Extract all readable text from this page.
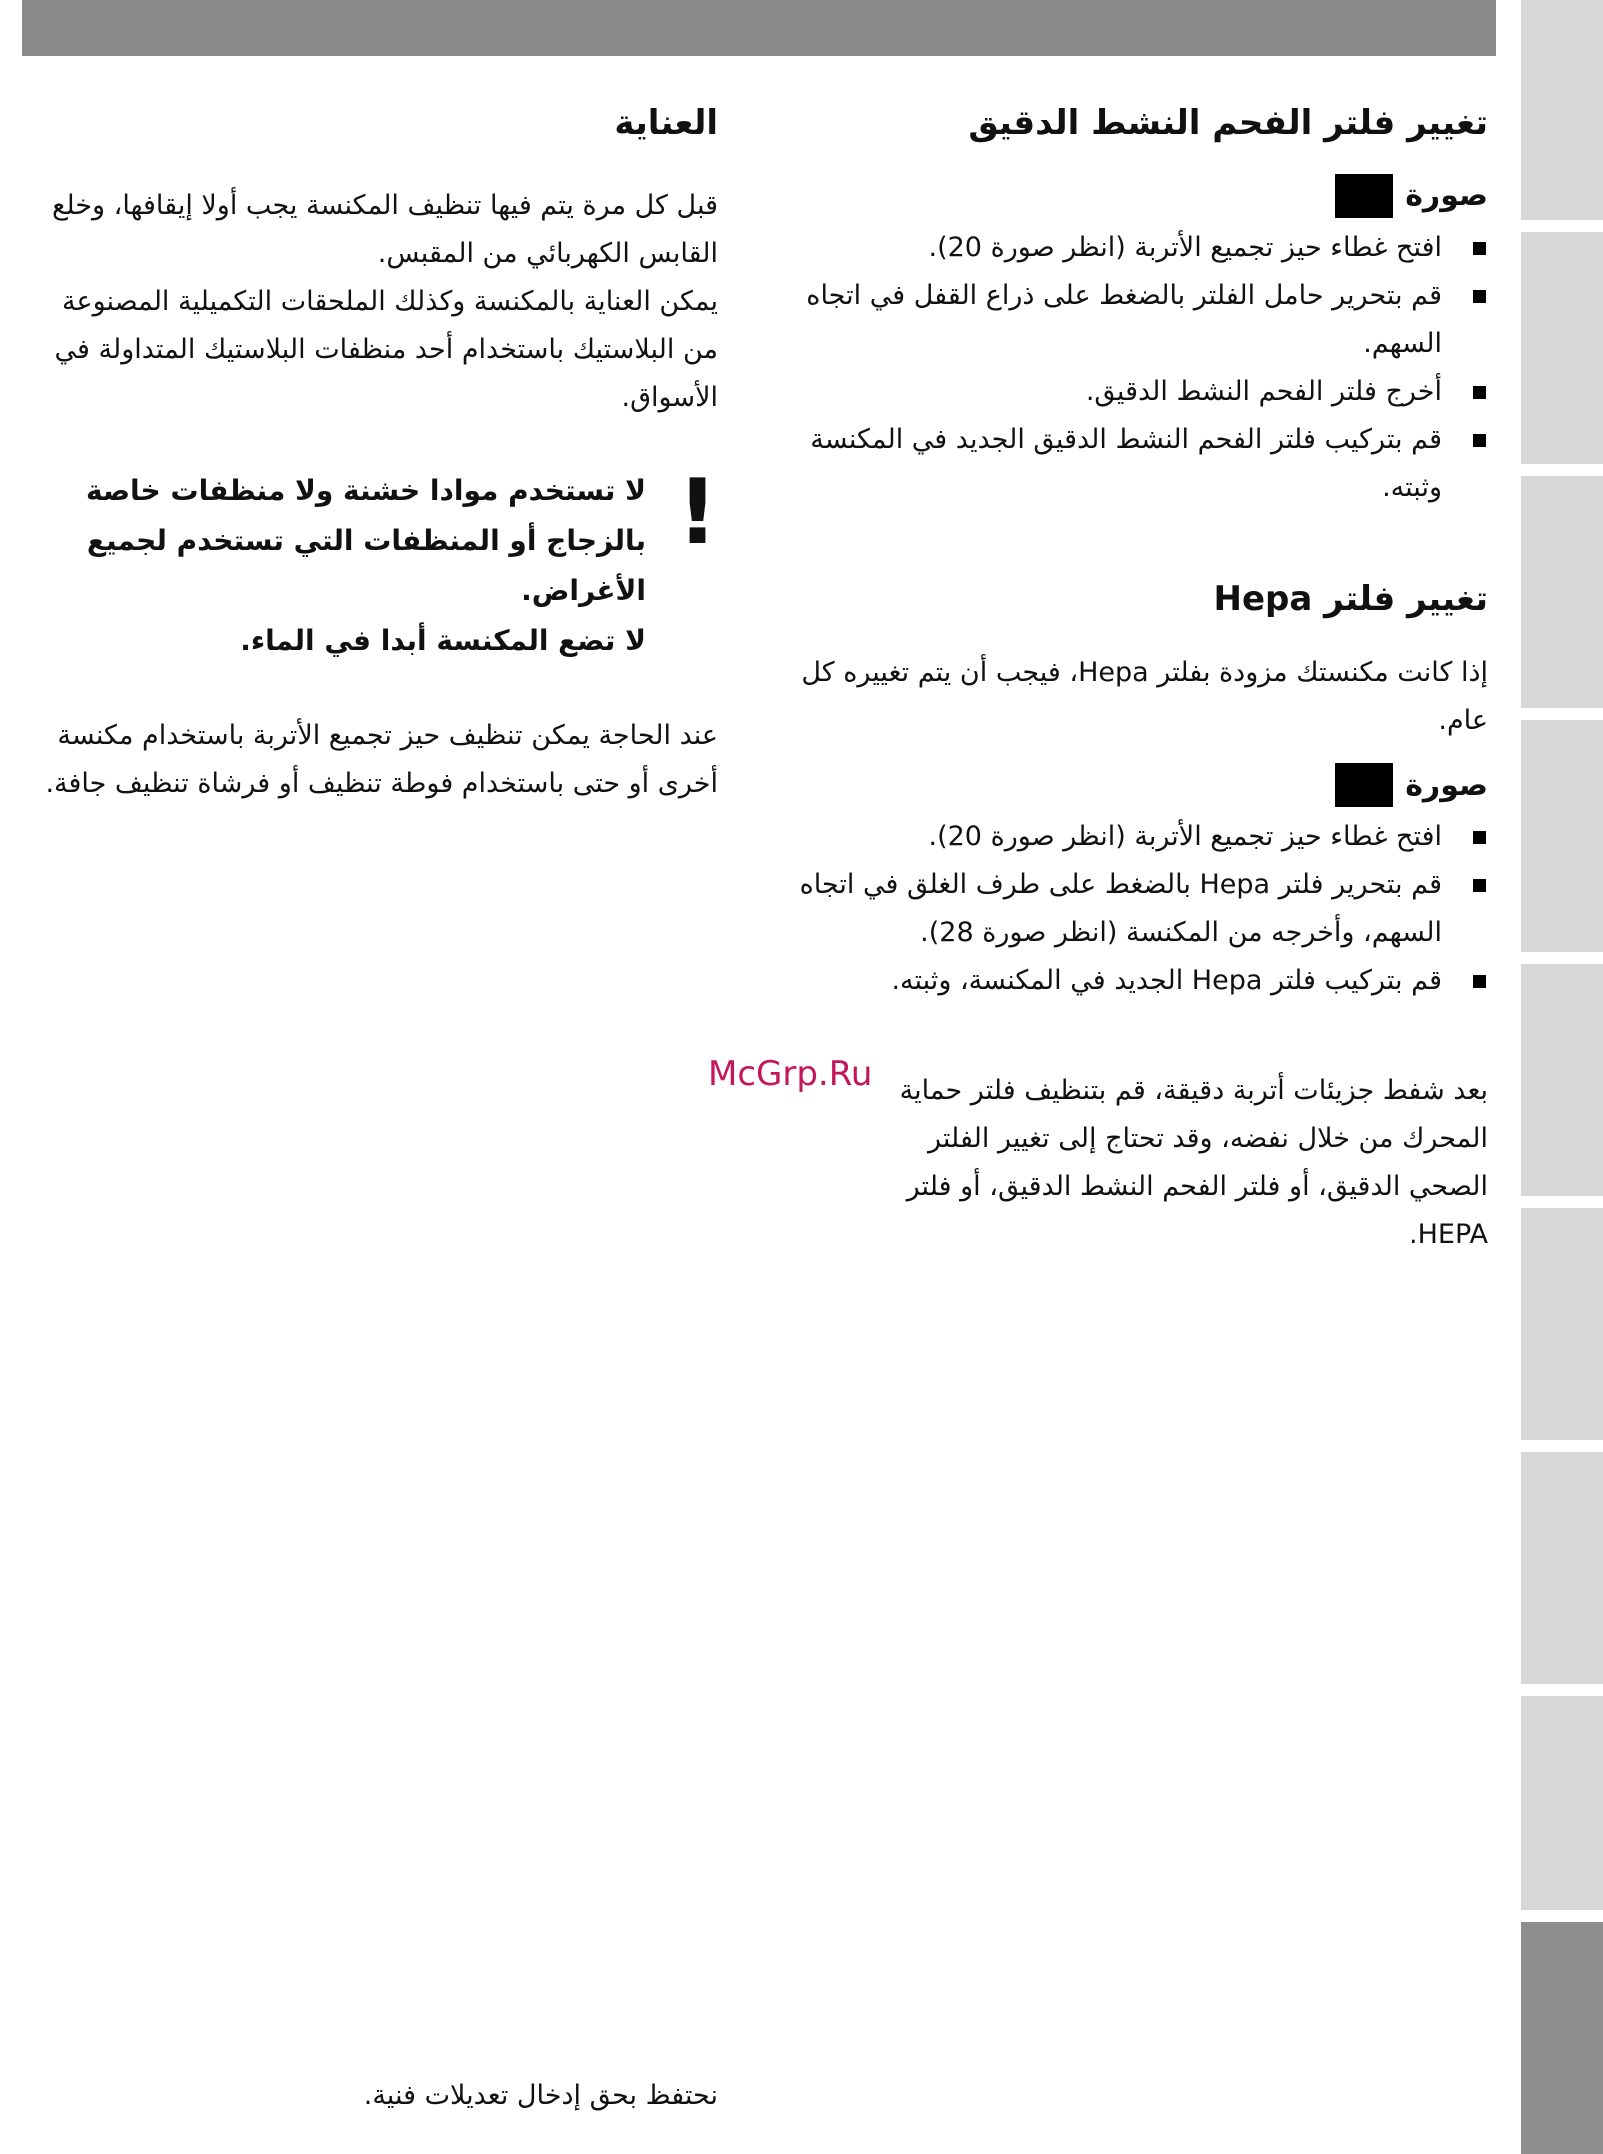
تغيير فلتر الفحم النشط الدقيق
صورة
افتح غطاء حيز تجميع الأتربة (انظر صورة 20).
قم بتحرير حامل الفلتر بالضغط على ذراع القفل في اتجاه السهم.
أخرج فلتر الفحم النشط الدقيق.
قم بتركيب فلتر الفحم النشط الدقيق الجديد في المكنسة وثبته.
تغيير فلتر Hepa

إذا كانت مكنستك مزودة بفلتر Hepa، فيجب أن يتم تغييره كل عام.

صورة
افتح غطاء حيز تجميع الأتربة (انظر صورة 20).
قم بتحرير فلتر Hepa بالضغط على طرف الغلق في اتجاه السهم، وأخرجه من المكنسة (انظر صورة 28).
قم بتركيب فلتر Hepa الجديد في المكنسة، وثبته.

بعد شفط جزيئات أتربة دقيقة، قم بتنظيف فلتر حماية المحرك من خلال نفضه، وقد تحتاج إلى تغيير الفلتر الصحي الدقيق، أو فلتر الفحم النشط الدقيق، أو فلتر HEPA.

العناية

قبل كل مرة يتم فيها تنظيف المكنسة يجب أولا إيقافها، وخلع القابس الكهربائي من المقبس.

يمكن العناية بالمكنسة وكذلك الملحقات التكميلية المصنوعة من البلاستيك باستخدام أحد منظفات البلاستيك المتداولة في الأسواق.

!

لا تستخدم موادا خشنة ولا منظفات خاصة بالزجاج أو المنظفات التي تستخدم لجميع الأغراض.

لا تضع المكنسة أبدا في الماء.

عند الحاجة يمكن تنظيف حيز تجميع الأتربة باستخدام مكنسة أخرى أو حتى باستخدام فوطة تنظيف أو فرشاة تنظيف جافة.

McGrp.Ru
نحتفظ بحق إدخال تعديلات فنية.
